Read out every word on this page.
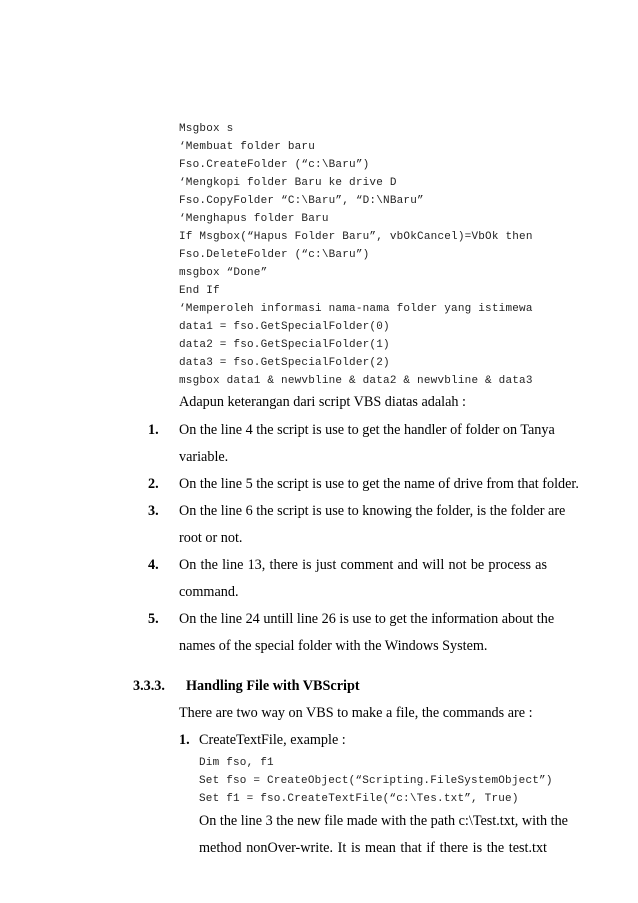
Msgbox s
‘Membuat folder baru
Fso.CreateFolder (“c:\Baru”)
‘Mengkopi folder Baru ke drive D
Fso.CopyFolder “C:\Baru”, “D:\NBaru”
‘Menghapus folder Baru
If Msgbox(“Hapus Folder Baru”, vbOkCancel)=VbOk then
Fso.DeleteFolder (“c:\Baru”)
msgbox “Done”
End If
‘Memperoleh informasi nama-nama folder yang istimewa
data1 = fso.GetSpecialFolder(0)
data2 = fso.GetSpecialFolder(1)
data3 = fso.GetSpecialFolder(2)
msgbox data1 & newvbline & data2 & newvbline & data3
Adapun keterangan dari script VBS diatas adalah :
1. On the line 4 the script is use to get the handler of folder on Tanya
variable.
2. On the line 5 the script is use to get the name of drive from that folder.
3. On the line 6 the script is use to knowing the folder, is the folder are
root or not.
4. On the line 13, there is just comment and will not be process as
command.
5. On the line 24 untill line 26 is use to get the information about the
names of the special folder with the Windows System.
3.3.3. Handling File with VBScript
There are two way on VBS to make a file, the commands are :
1. CreateTextFile, example :
Dim fso, f1
Set fso = CreateObject(“Scripting.FileSystemObject”)
Set f1 = fso.CreateTextFile(“c:\Tes.txt”, True)
On the line 3 the new file made with the path c:\Test.txt, with the
method nonOver-write. It is mean that if there is the test.txt
